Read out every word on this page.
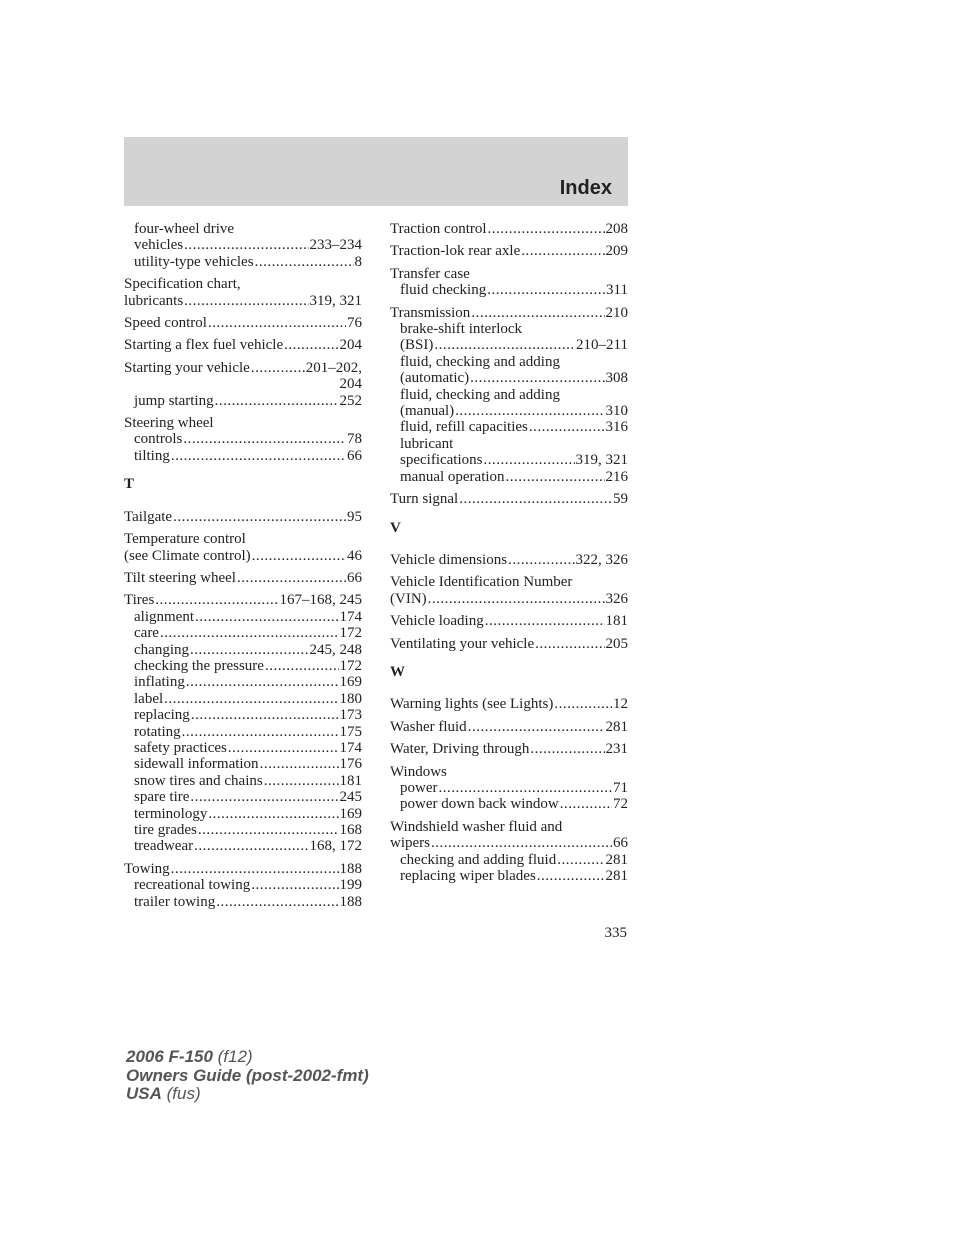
Index
four-wheel drive
vehicles .....	233–234
utility-type vehicles .....	8
Specification chart,
lubricants .....	319, 321
Speed control .....	76
Starting a flex fuel vehicle .....	204
Starting your vehicle .....	201–202,
204
jump starting .....	252
Steering wheel
controls .....	78
tilting .....	66
T
Tailgate .....	95
Temperature control
(see Climate control) .....	46
Tilt steering wheel .....	66
Tires .....	167–168, 245
alignment .....	174
care .....	172
changing .....	245, 248
checking the pressure .....	172
inflating .....	169
label .....	180
replacing .....	173
rotating .....	175
safety practices .....	174
sidewall information .....	176
snow tires and chains .....	181
spare tire .....	245
terminology .....	169
tire grades .....	168
treadwear .....	168, 172
Towing .....	188
recreational towing .....	199
trailer towing .....	188
Traction control .....	208
Traction-lok rear axle .....	209
Transfer case
fluid checking .....	311
Transmission .....	210
brake-shift interlock
(BSI) .....	210–211
fluid, checking and adding
(automatic) .....	308
fluid, checking and adding
(manual) .....	310
fluid, refill capacities .....	316
lubricant
specifications .....	319, 321
manual operation .....	216
Turn signal .....	59
V
Vehicle dimensions .....	322, 326
Vehicle Identification Number
(VIN) .....	326
Vehicle loading .....	181
Ventilating your vehicle .....	205
W
Warning lights (see Lights) .....	12
Washer fluid .....	281
Water, Driving through .....	231
Windows
power .....	71
power down back window .....	72
Windshield washer fluid and
wipers .....	66
checking and adding fluid .....	281
replacing wiper blades .....	281
335
2006 F-150 (f12)
Owners Guide (post-2002-fmt)
USA (fus)
